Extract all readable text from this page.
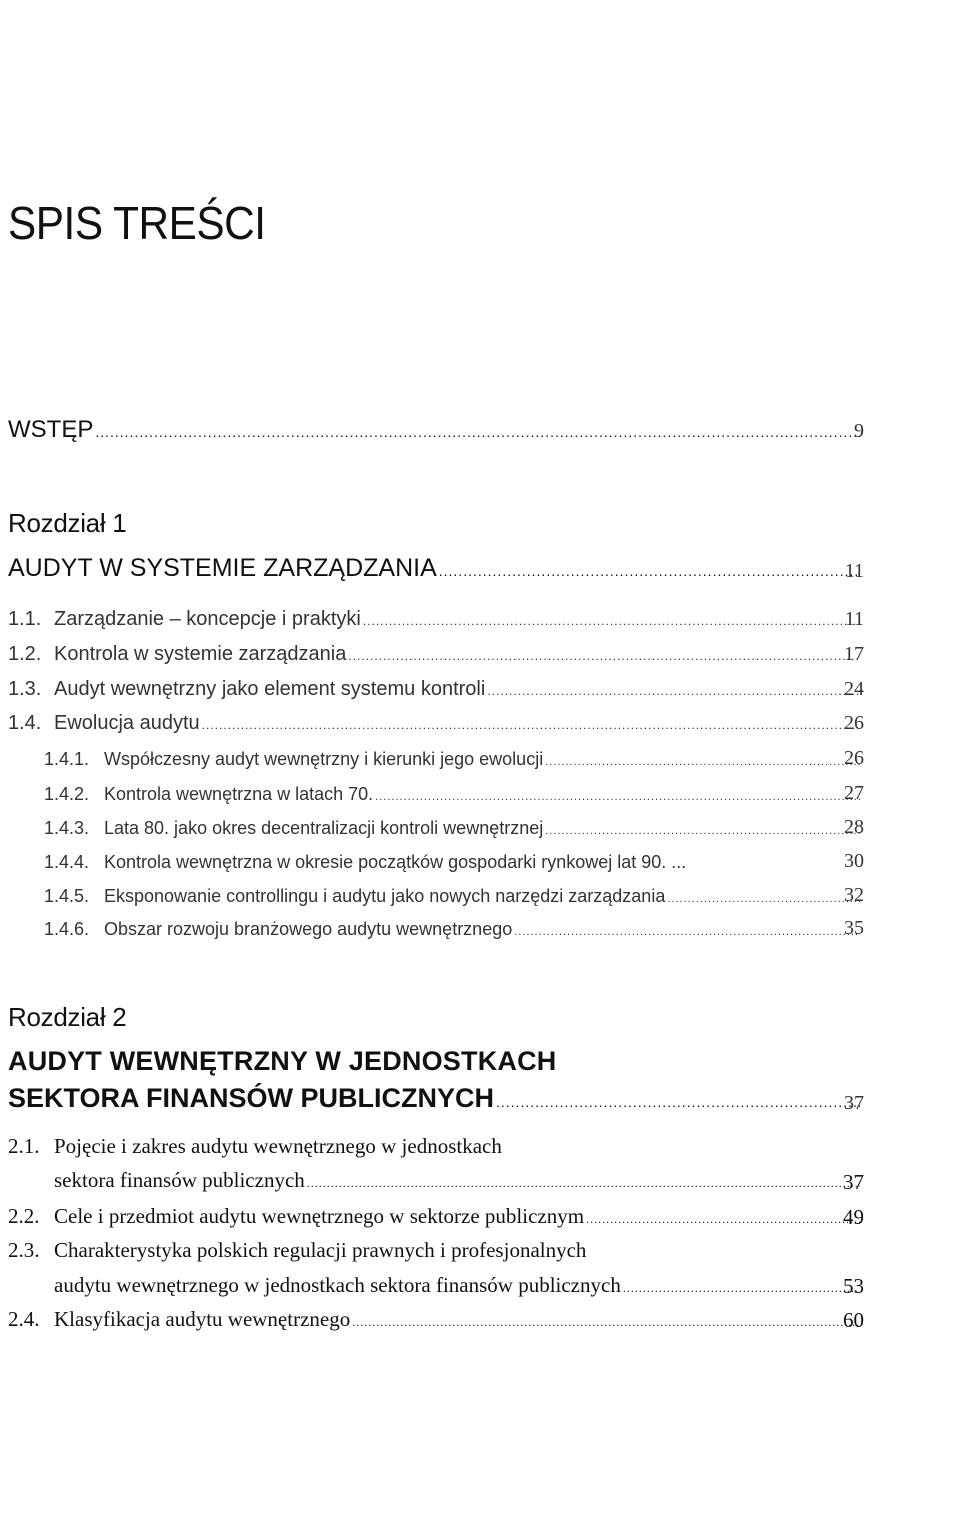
SPIS TREŚCI
WSTĘP .....	9
Rozdział 1
AUDYT W SYSTEMIE ZARZĄDZANIA .....	11
1.1. Zarządzanie – koncepcje i praktyki .....	11
1.2. Kontrola w systemie zarządzania .....	17
1.3. Audyt wewnętrzny jako element systemu kontroli .....	24
1.4. Ewolucja audytu .....	26
1.4.1. Współczesny audyt wewnętrzny i kierunki jego ewolucji .....	26
1.4.2. Kontrola wewnętrzna w latach 70. .....	27
1.4.3. Lata 80. jako okres decentralizacji kontroli wewnętrznej .....	28
1.4.4. Kontrola wewnętrzna w okresie początków gospodarki rynkowej lat 90. ...	30
1.4.5. Eksponowanie controllingu i audytu jako nowych narzędzi zarządzania .....	32
1.4.6. Obszar rozwoju branżowego audytu wewnętrznego .....	35
Rozdział 2
AUDYT WEWNĘTRZNY W JEDNOSTKACH
SEKTORA FINANSÓW PUBLICZNYCH .....	37
2.1. Pojęcie i zakres audytu wewnętrznego w jednostkach
sektora finansów publicznych .....	37
2.2. Cele i przedmiot audytu wewnętrznego w sektorze publicznym .....	49
2.3. Charakterystyka polskich regulacji prawnych i profesjonalnych
audytu wewnętrznego w jednostkach sektora finansów publicznych .....	53
2.4. Klasyfikacja audytu wewnętrznego .....	60
